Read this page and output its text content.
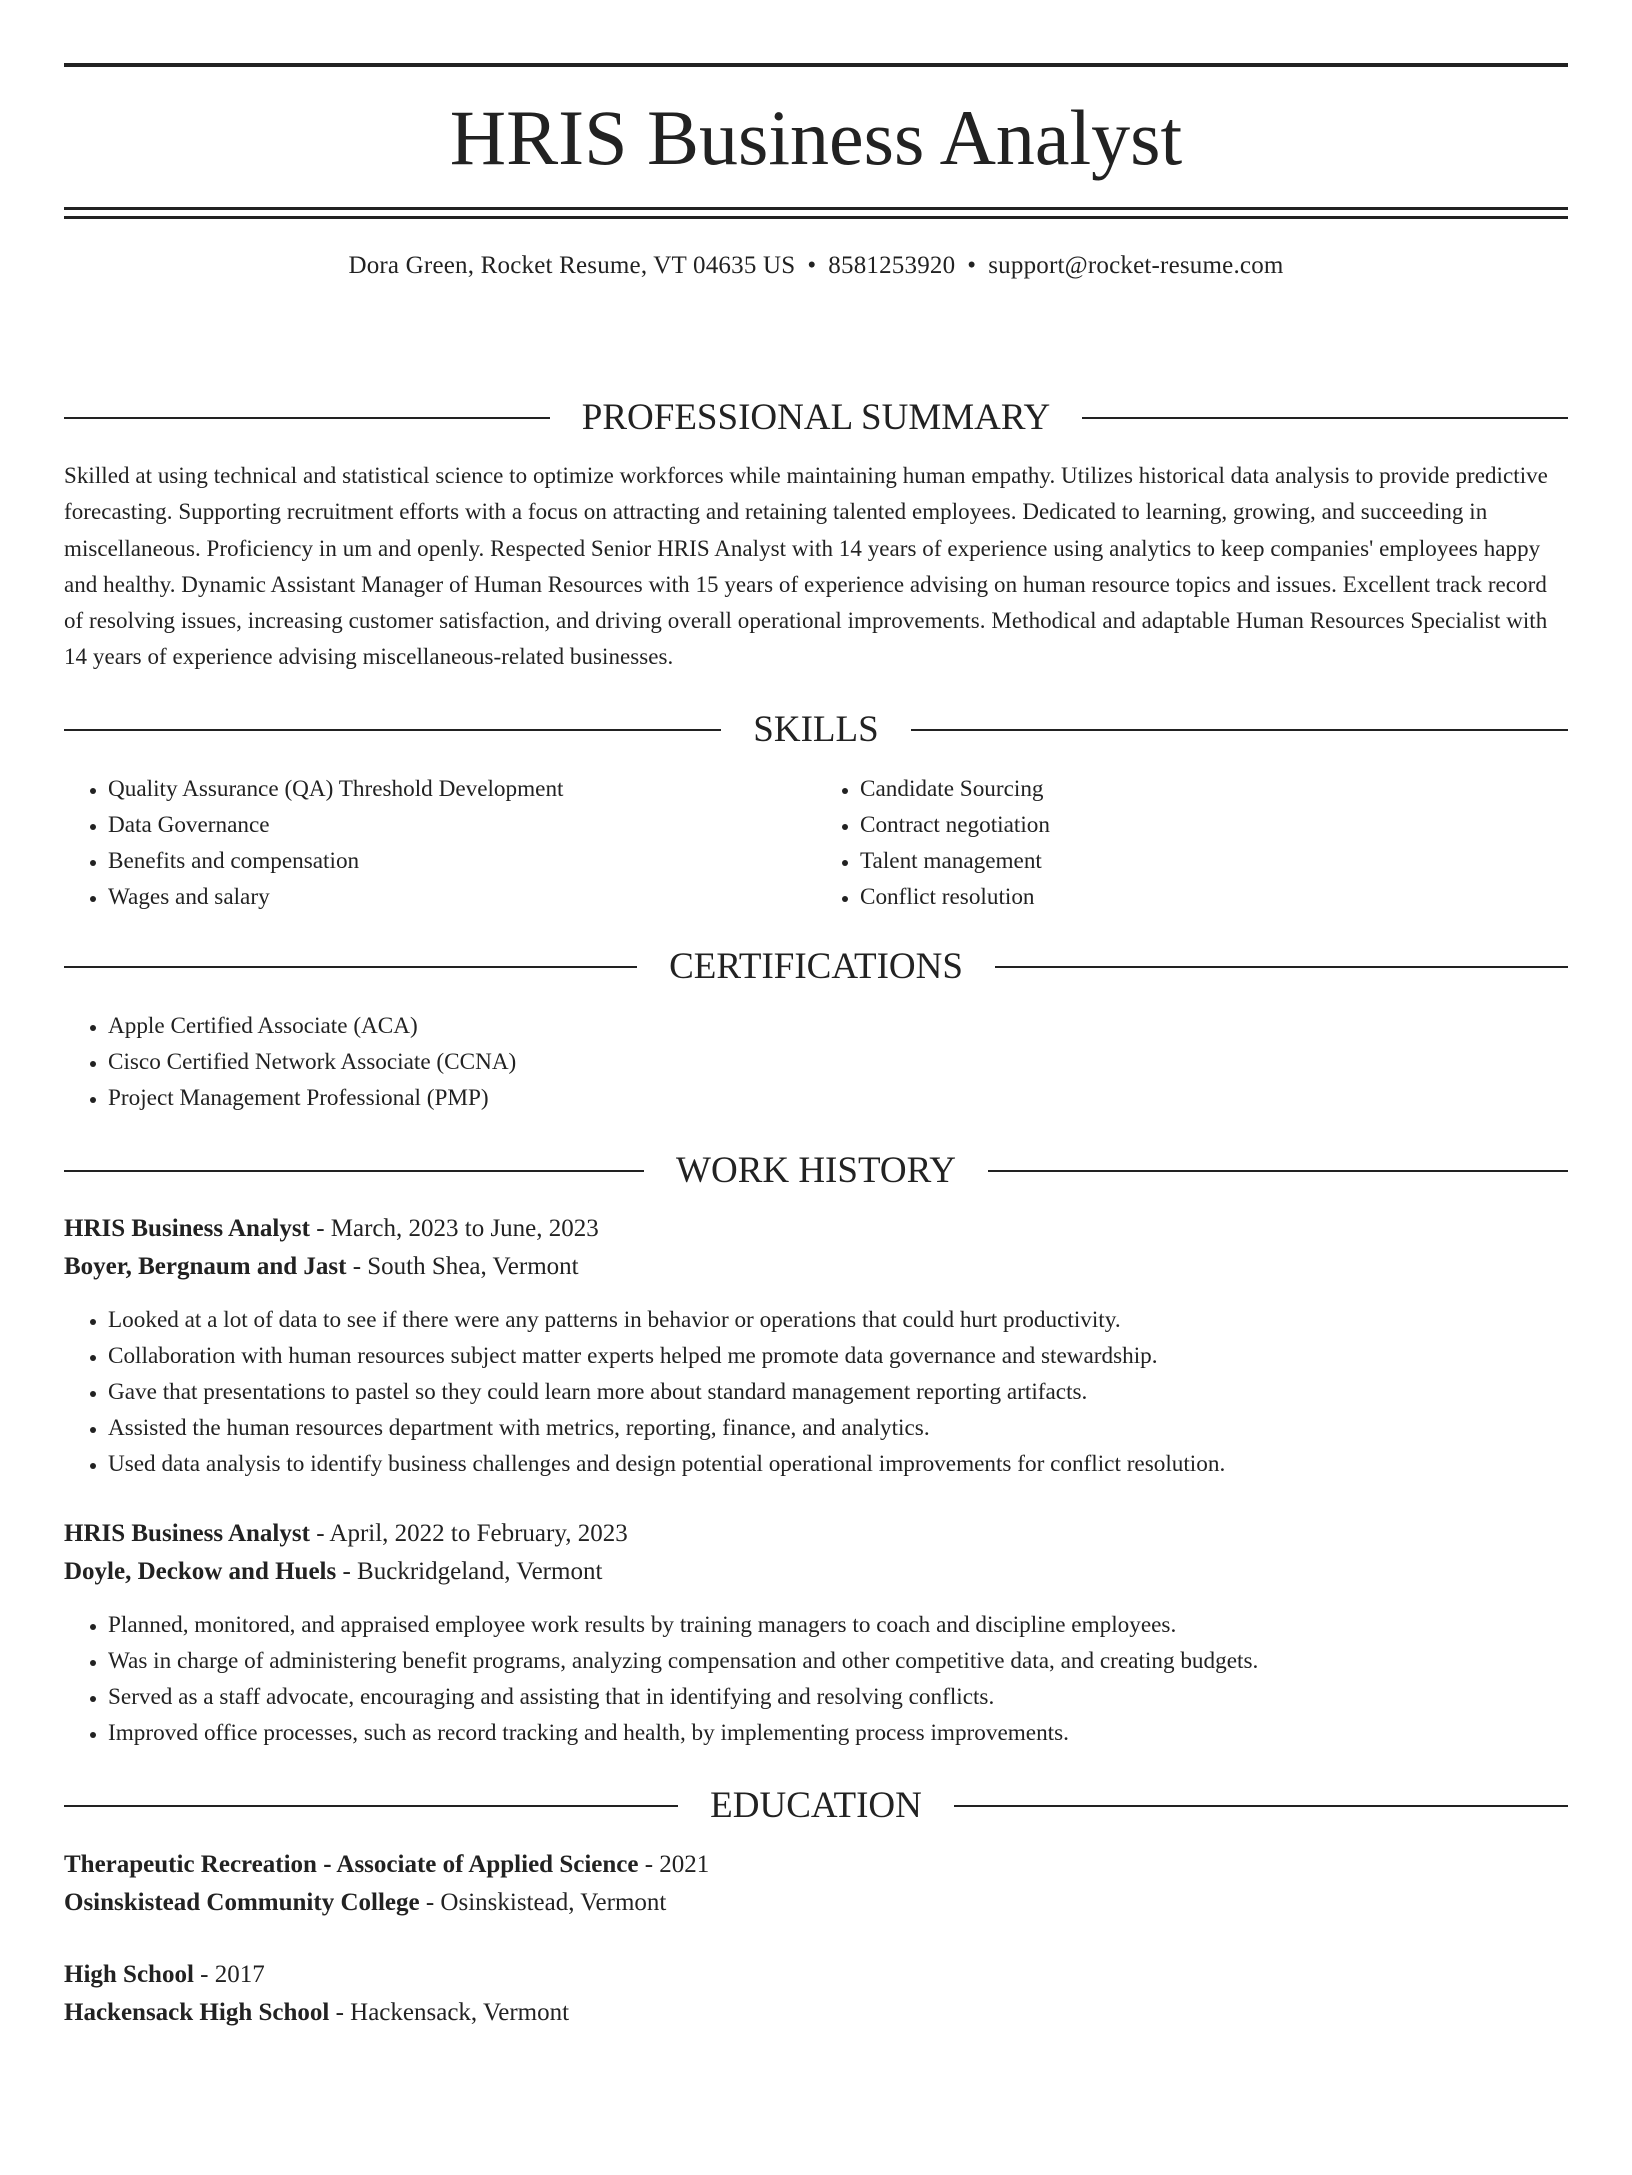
HRIS Business Analyst
Dora Green, Rocket Resume, VT 04635 US • 8581253920 • support@rocket-resume.com
PROFESSIONAL SUMMARY

Skilled at using technical and statistical science to optimize workforces while maintaining human empathy. Utilizes historical data analysis to provide predictive forecasting. Supporting recruitment efforts with a focus on attracting and retaining talented employees. Dedicated to learning, growing, and succeeding in miscellaneous. Proficiency in um and openly. Respected Senior HRIS Analyst with 14 years of experience using analytics to keep companies' employees happy and healthy. Dynamic Assistant Manager of Human Resources with 15 years of experience advising on human resource topics and issues. Excellent track record of resolving issues, increasing customer satisfaction, and driving overall operational improvements. Methodical and adaptable Human Resources Specialist with 14 years of experience advising miscellaneous-related businesses.

SKILLS
• Quality Assurance (QA) Threshold Development
• Data Governance
• Benefits and compensation
• Wages and salary
• Candidate Sourcing
• Contract negotiation
• Talent management
• Conflict resolution
CERTIFICATIONS
• Apple Certified Associate (ACA)
• Cisco Certified Network Associate (CCNA)
• Project Management Professional (PMP)
WORK HISTORY
HRIS Business Analyst - March, 2023 to June, 2023
Boyer, Bergnaum and Jast - South Shea, Vermont
• Looked at a lot of data to see if there were any patterns in behavior or operations that could hurt productivity.
• Collaboration with human resources subject matter experts helped me promote data governance and stewardship.
• Gave that presentations to pastel so they could learn more about standard management reporting artifacts.
• Assisted the human resources department with metrics, reporting, finance, and analytics.
• Used data analysis to identify business challenges and design potential operational improvements for conflict resolution.
HRIS Business Analyst - April, 2022 to February, 2023
Doyle, Deckow and Huels - Buckridgeland, Vermont
• Planned, monitored, and appraised employee work results by training managers to coach and discipline employees.
• Was in charge of administering benefit programs, analyzing compensation and other competitive data, and creating budgets.
• Served as a staff advocate, encouraging and assisting that in identifying and resolving conflicts.
• Improved office processes, such as record tracking and health, by implementing process improvements.
EDUCATION
Therapeutic Recreation - Associate of Applied Science - 2021
Osinskistead Community College - Osinskistead, Vermont
High School - 2017
Hackensack High School - Hackensack, Vermont
